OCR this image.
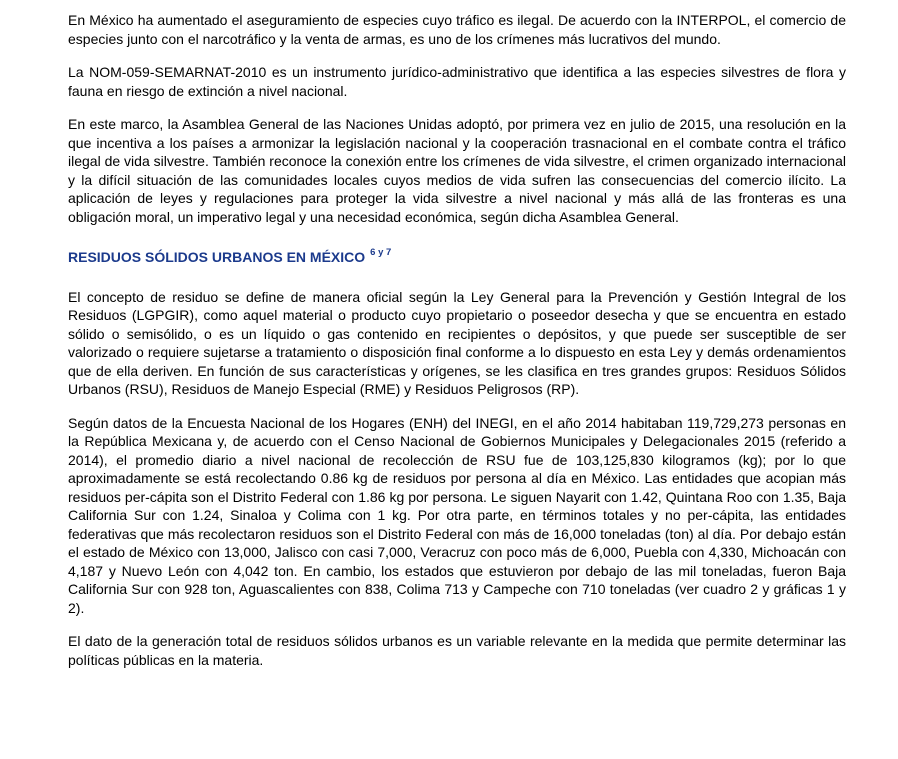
En México ha aumentado el aseguramiento de especies cuyo tráfico es ilegal. De acuerdo con la INTERPOL, el comercio de especies junto con el narcotráfico y la venta de armas, es uno de los crímenes más lucrativos del mundo.

La NOM-059-SEMARNAT-2010 es un instrumento jurídico-administrativo que identifica a las especies silvestres de flora y fauna en riesgo de extinción a nivel nacional.

En este marco, la Asamblea General de las Naciones Unidas adoptó, por primera vez en julio de 2015, una resolución en la que incentiva a los países a armonizar la legislación nacional y la cooperación trasnacional en el combate contra el tráfico ilegal de vida silvestre. También reconoce la conexión entre los crímenes de vida silvestre, el crimen organizado internacional y la difícil situación de las comunidades locales cuyos medios de vida sufren las consecuencias del comercio ilícito. La aplicación de leyes y regulaciones para proteger la vida silvestre a nivel nacional y más allá de las fronteras es una obligación moral, un imperativo legal y una necesidad económica, según dicha Asamblea General.

RESIDUOS SÓLIDOS URBANOS EN MÉXICO $^{6 y 7}$

El concepto de residuo se define de manera oficial según la Ley General para la Prevención y Gestión Integral de los Residuos (LGPGIR), como aquel material o producto cuyo propietario o poseedor desecha y que se encuentra en estado sólido o semisólido, o es un líquido o gas contenido en recipientes o depósitos, y que puede ser susceptible de ser valorizado o requiere sujetarse a tratamiento o disposición final conforme a lo dispuesto en esta Ley y demás ordenamientos que de ella deriven. En función de sus características y orígenes, se les clasifica en tres grandes grupos: Residuos Sólidos Urbanos (RSU), Residuos de Manejo Especial (RME) y Residuos Peligrosos (RP).

Según datos de la Encuesta Nacional de los Hogares (ENH) del INEGI, en el año 2014 habitaban 119,729,273 personas en la República Mexicana y, de acuerdo con el Censo Nacional de Gobiernos Municipales y Delegacionales 2015 (referido a 2014), el promedio diario a nivel nacional de recolección de RSU fue de 103,125,830 kilogramos (kg); por lo que aproximadamente se está recolectando 0.86 kg de residuos por persona al día en México. Las entidades que acopian más residuos per-cápita son el Distrito Federal con 1.86 kg por persona. Le siguen Nayarit con 1.42, Quintana Roo con 1.35, Baja California Sur con 1.24, Sinaloa y Colima con 1 kg. Por otra parte, en términos totales y no per-cápita, las entidades federativas que más recolectaron residuos son el Distrito Federal con más de 16,000 toneladas (ton) al día. Por debajo están el estado de México con 13,000, Jalisco con casi 7,000, Veracruz con poco más de 6,000, Puebla con 4,330, Michoacán con 4,187 y Nuevo León con 4,042 ton. En cambio, los estados que estuvieron por debajo de las mil toneladas, fueron Baja California Sur con 928 ton, Aguascalientes con 838, Colima 713 y Campeche con 710 toneladas (ver cuadro 2 y gráficas 1 y 2).

El dato de la generación total de residuos sólidos urbanos es un variable relevante en la medida que permite determinar las políticas públicas en la materia.
